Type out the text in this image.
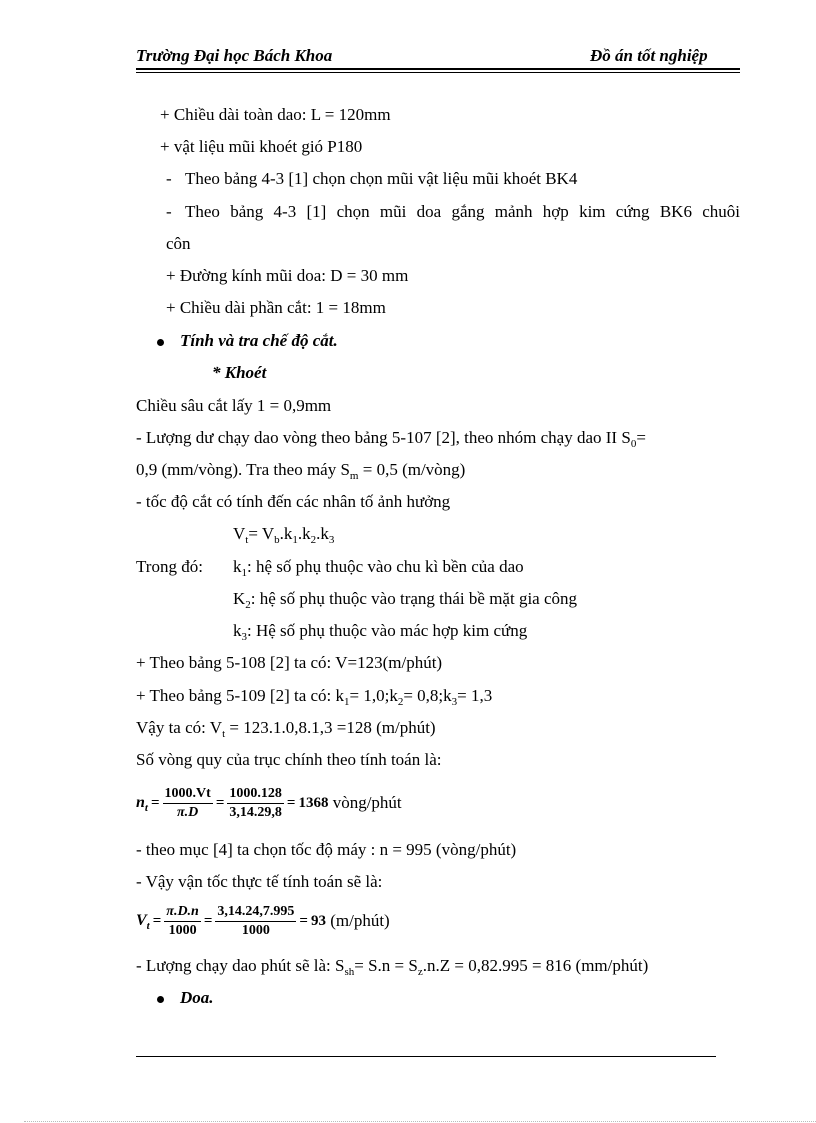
Trường Đại học Bách Khoa	Đồ án tốt nghiệp
+ Chiều dài toàn dao: L = 120mm
+ vật liệu mũi khoét gió P180
- Theo bảng 4-3 [1] chọn chọn mũi vật liệu mũi khoét BK4
- Theo bảng 4-3 [1] chọn mũi doa gắng mảnh hợp kim cứng BK6 chuôi
côn
+ Đường kính mũi doa: D = 30 mm
+ Chiều dài phần cắt: 1 = 18mm
Tính và tra chế độ cắt.
* Khoét
Chiều sâu cắt lấy 1 = 0,9mm
- Lượng dư chạy dao vòng theo bảng 5-107 [2], theo nhóm chạy dao II $S_0=$
0,9 (mm/vòng). Tra theo máy $S_m = 0,5$ (m/vòng)
- tốc độ cắt có tính đến các nhân tố ảnh hưởng
$V_t= V_b.k_1.k_2.k_3$
Trong đó: $k_1$: hệ số phụ thuộc vào chu kì bền của dao
$K_2$: hệ số phụ thuộc vào trạng thái bề mặt gia công
$k_3$: Hệ số phụ thuộc vào mác hợp kim cứng
+ Theo bảng 5-108 [2] ta có: V=123(m/phút)
+ Theo bảng 5-109 [2] ta có: $k_1=$ $1,0;k_2=$ $0,8;k_3= 1,3$
Vậy ta có: $V_t = 123.1.0,8.1,3 =128$ (m/phút)
Số vòng quy của trục chính theo tính toán là:
$n_t = \frac{1000.Vt}{\pi.D} = \frac{1000.128}{3,14.29,8} = 1368$ vòng/phút
- theo mục [4] ta chọn tốc độ máy : n = 995 (vòng/phút)
- Vậy vận tốc thực tế tính toán sẽ là:
$V_t = \frac{\pi.D.n}{1000} = \frac{3,14.24,7.995}{1000} = 93$ (m/phút)
- Lượng chạy dao phút sẽ là: $S_{sh}= S.n = S_z.n.Z = 0,82.995 = 816$ (mm/phút)
Doa.
